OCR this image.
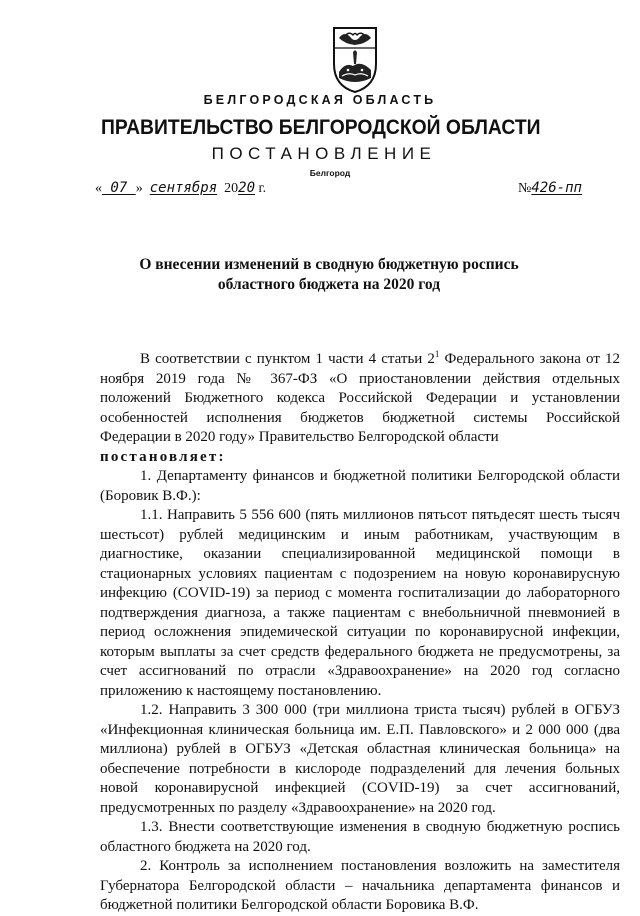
БЕЛГОРОДСКАЯ ОБЛАСТЬ
ПРАВИТЕЛЬСТВО БЕЛГОРОДСКОЙ ОБЛАСТИ
ПОСТАНОВЛЕНИЕ
Белгород
« 07 » сентября 2020 г.	№426-пп
О внесении изменений в сводную бюджетную роспись
областного бюджета на 2020 год

В соответствии с пунктом 1 части 4 статьи $2^1$ Федерального закона от 12 ноября 2019 года № 367-ФЗ «О приостановлении действия отдельных положений Бюджетного кодекса Российской Федерации и установлении особенностей исполнения бюджетов бюджетной системы Российской Федерации в 2020 году» Правительство Белгородской области

постановляет:

1. Департаменту финансов и бюджетной политики Белгородской области (Боровик В.Ф.):

1.1. Направить 5 556 600 (пять миллионов пятьсот пятьдесят шесть тысяч шестьсот) рублей медицинским и иным работникам, участвующим в диагностике, оказании специализированной медицинской помощи в стационарных условиях пациентам с подозрением на новую коронавирусную инфекцию (COVID-19) за период с момента госпитализации до лабораторного подтверждения диагноза, а также пациентам с внебольничной пневмонией в период осложнения эпидемической ситуации по коронавирусной инфекции, которым выплаты за счет средств федерального бюджета не предусмотрены, за счет ассигнований по отрасли «Здравоохранение» на 2020 год согласно приложению к настоящему постановлению.

1.2. Направить 3 300 000 (три миллиона триста тысяч) рублей в ОГБУЗ «Инфекционная клиническая больница им. Е.П. Павловского» и 2 000 000 (два миллиона) рублей в ОГБУЗ «Детская областная клиническая больница» на обеспечение потребности в кислороде подразделений для лечения больных новой коронавирусной инфекцией (COVID-19) за счет ассигнований, предусмотренных по разделу «Здравоохранение» на 2020 год.

1.3. Внести соответствующие изменения в сводную бюджетную роспись областного бюджета на 2020 год.

2. Контроль за исполнением постановления возложить на заместителя Губернатора Белгородской области – начальника департамента финансов и бюджетной политики Белгородской области Боровика В.Ф.
